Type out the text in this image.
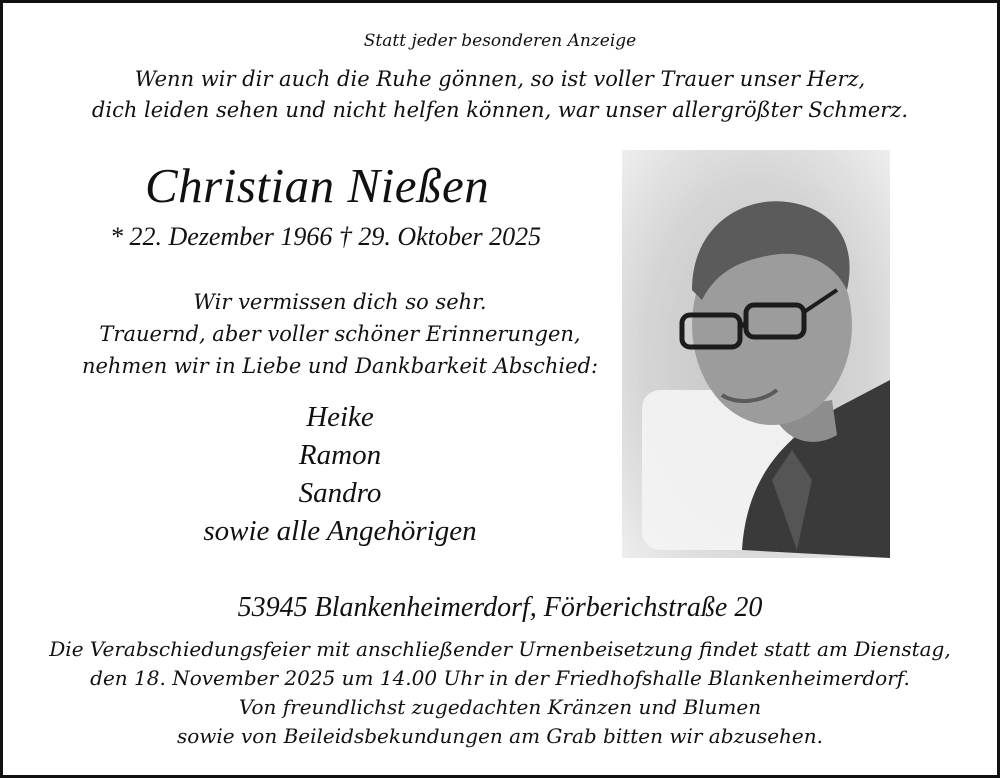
Statt jeder besonderen Anzeige
Wenn wir dir auch die Ruhe gönnen, so ist voller Trauer unser Herz,
dich leiden sehen und nicht helfen können, war unser allergrößter Schmerz.
Christian Nießen
* 22. Dezember 1966 † 29. Oktober 2025
Wir vermissen dich so sehr.
Trauernd, aber voller schöner Erinnerungen,
nehmen wir in Liebe und Dankbarkeit Abschied:
Heike
Ramon
Sandro
sowie alle Angehörigen
53945 Blankenheimerdorf, Förberichstraße 20
Die Verabschiedungsfeier mit anschließender Urnenbeisetzung findet statt am Dienstag,
den 18. November 2025 um 14.00 Uhr in der Friedhofshalle Blankenheimerdorf.
Von freundlichst zugedachten Kränzen und Blumen
sowie von Beileidsbekundungen am Grab bitten wir abzusehen.
